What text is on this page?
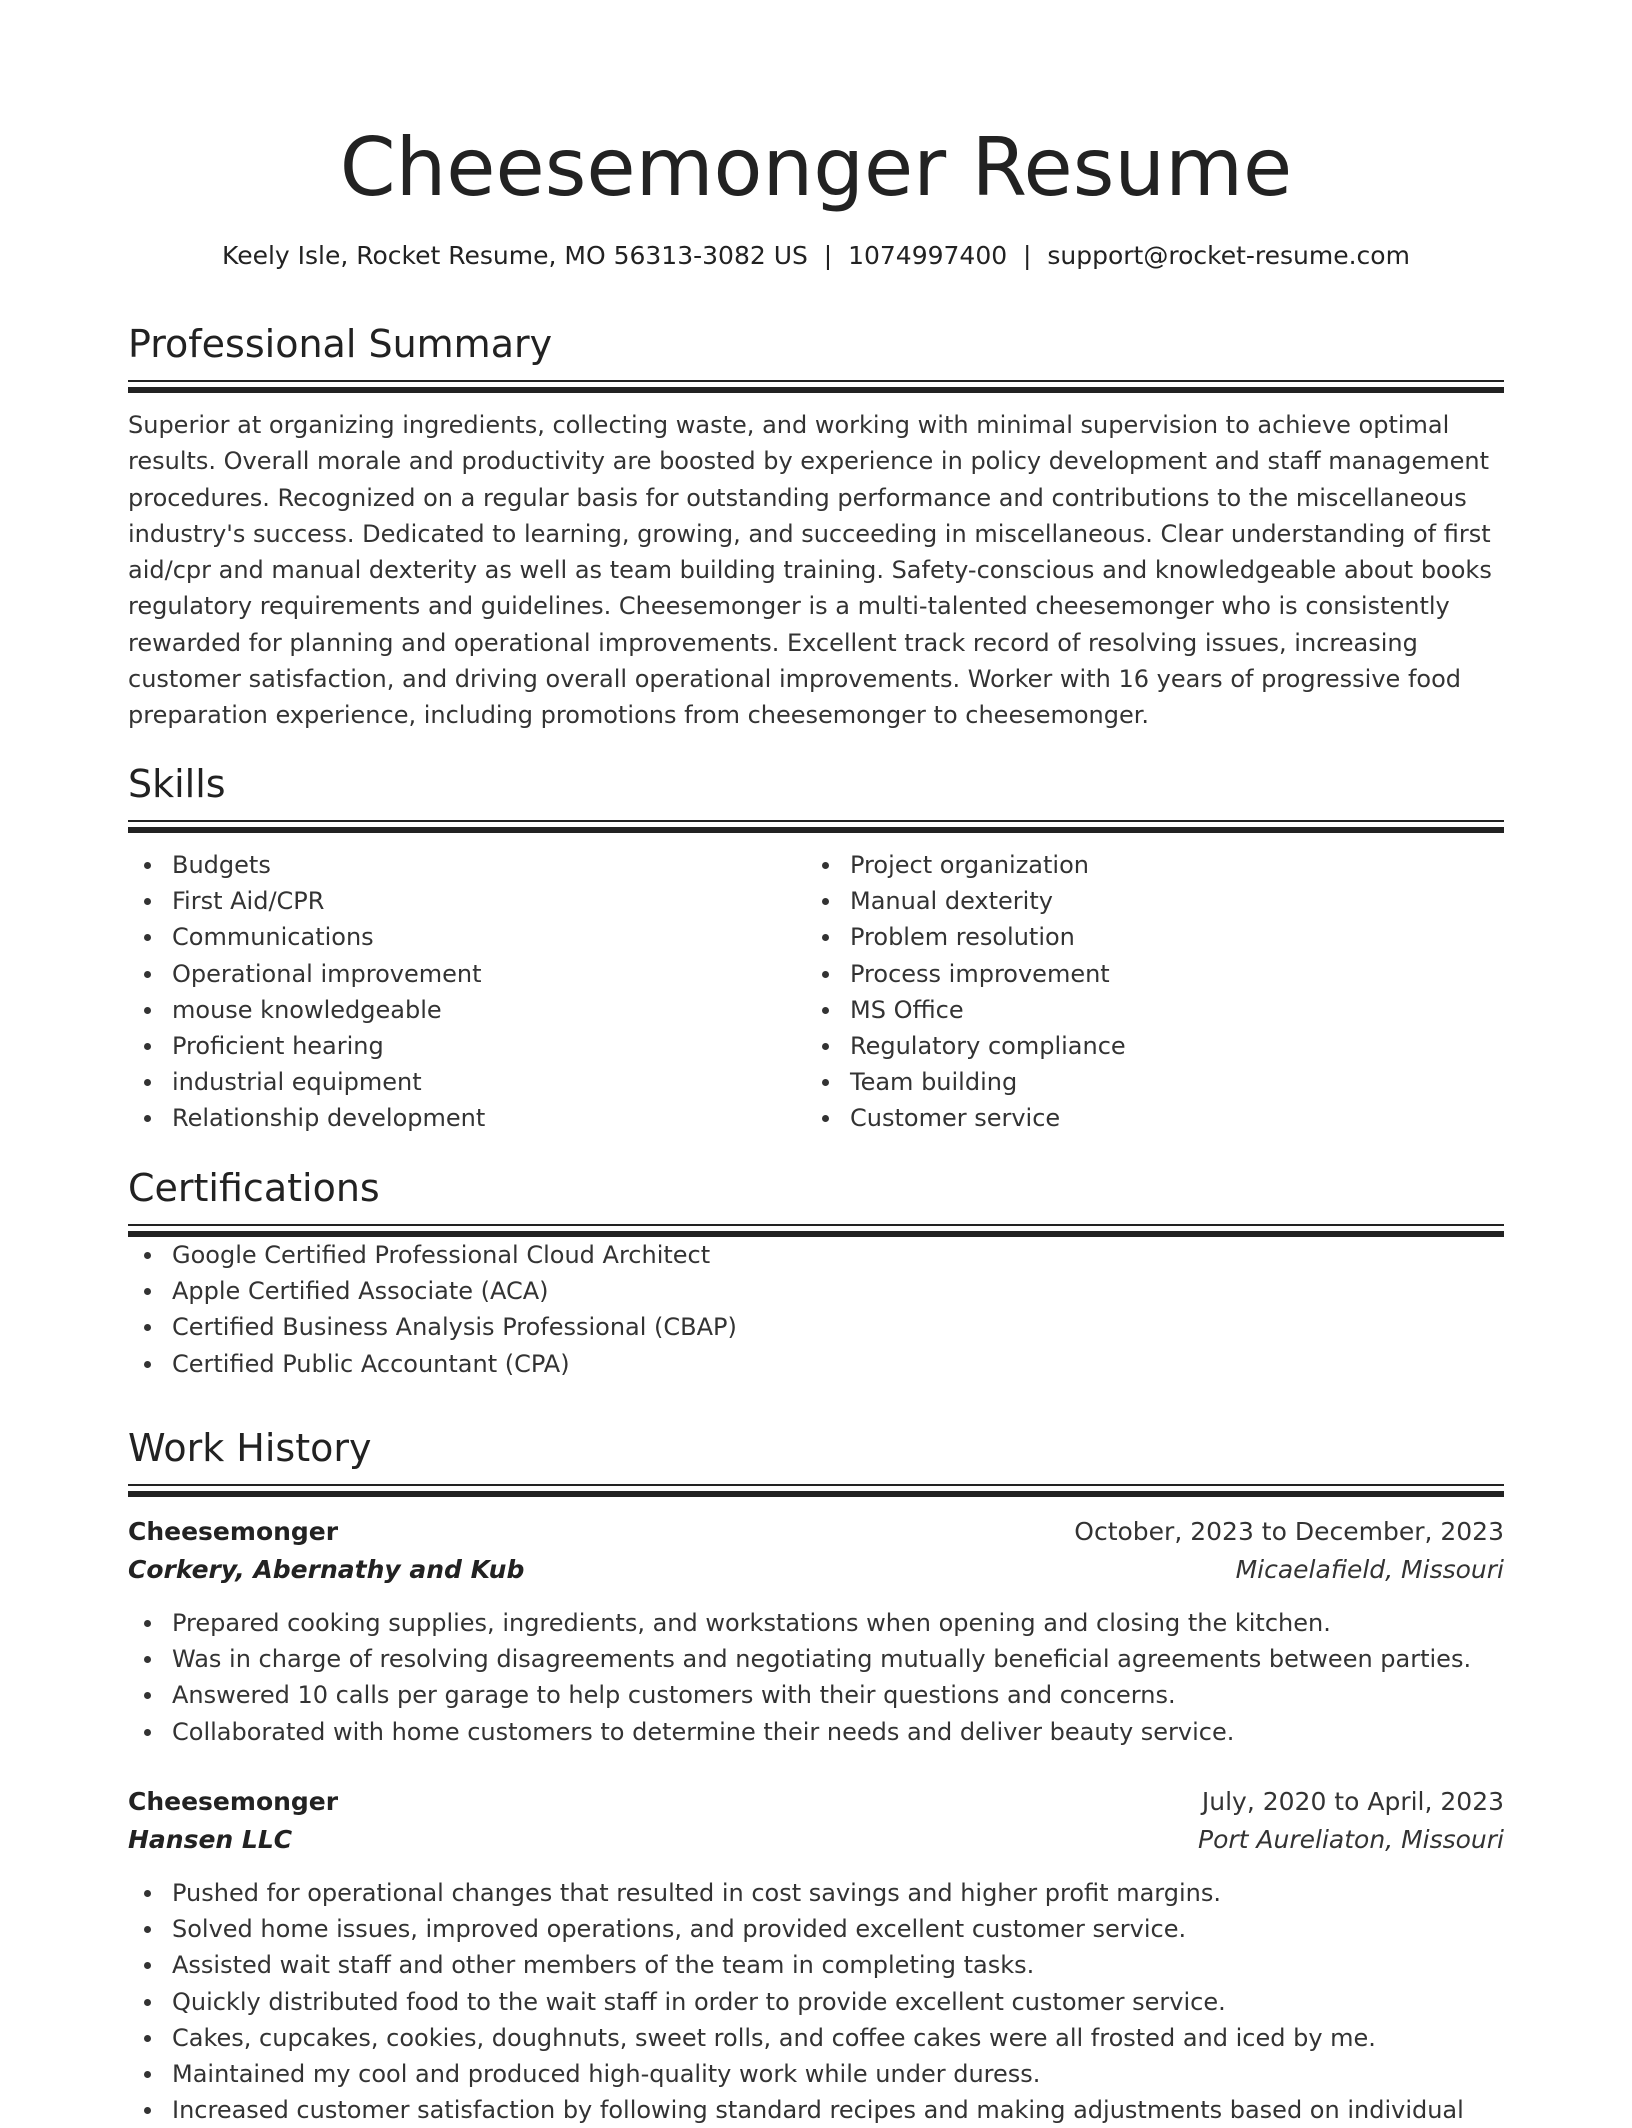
Cheesemonger Resume
Keely Isle, Rocket Resume, MO 56313-3082 US  |  1074997400  |  support@rocket-resume.com
Professional Summary

Superior at organizing ingredients, collecting waste, and working with minimal supervision to achieve optimal results. Overall morale and productivity are boosted by experience in policy development and staff management procedures. Recognized on a regular basis for outstanding performance and contributions to the miscellaneous industry's success. Dedicated to learning, growing, and succeeding in miscellaneous. Clear understanding of first aid/cpr and manual dexterity as well as team building training. Safety-conscious and knowledgeable about books regulatory requirements and guidelines. Cheesemonger is a multi-talented cheesemonger who is consistently rewarded for planning and operational improvements. Excellent track record of resolving issues, increasing customer satisfaction, and driving overall operational improvements. Worker with 16 years of progressive food preparation experience, including promotions from cheesemonger to cheesemonger.

Skills
Budgets
First Aid/CPR
Communications
Operational improvement
mouse knowledgeable
Proficient hearing
industrial equipment
Relationship development
Project organization
Manual dexterity
Problem resolution
Process improvement
MS Office
Regulatory compliance
Team building
Customer service
Certifications
Google Certified Professional Cloud Architect
Apple Certified Associate (ACA)
Certified Business Analysis Professional (CBAP)
Certified Public Accountant (CPA)
Work History
Cheesemonger	October, 2023 to December, 2023
Corkery, Abernathy and Kub	Micaelafield, Missouri
Prepared cooking supplies, ingredients, and workstations when opening and closing the kitchen.
Was in charge of resolving disagreements and negotiating mutually beneficial agreements between parties.
Answered 10 calls per garage to help customers with their questions and concerns.
Collaborated with home customers to determine their needs and deliver beauty service.
Cheesemonger	July, 2020 to April, 2023
Hansen LLC	Port Aureliaton, Missouri
Pushed for operational changes that resulted in cost savings and higher profit margins.
Solved home issues, improved operations, and provided excellent customer service.
Assisted wait staff and other members of the team in completing tasks.
Quickly distributed food to the wait staff in order to provide excellent customer service.
Cakes, cupcakes, cookies, doughnuts, sweet rolls, and coffee cakes were all frosted and iced by me.
Maintained my cool and produced high-quality work while under duress.
Increased customer satisfaction by following standard recipes and making adjustments based on individual
